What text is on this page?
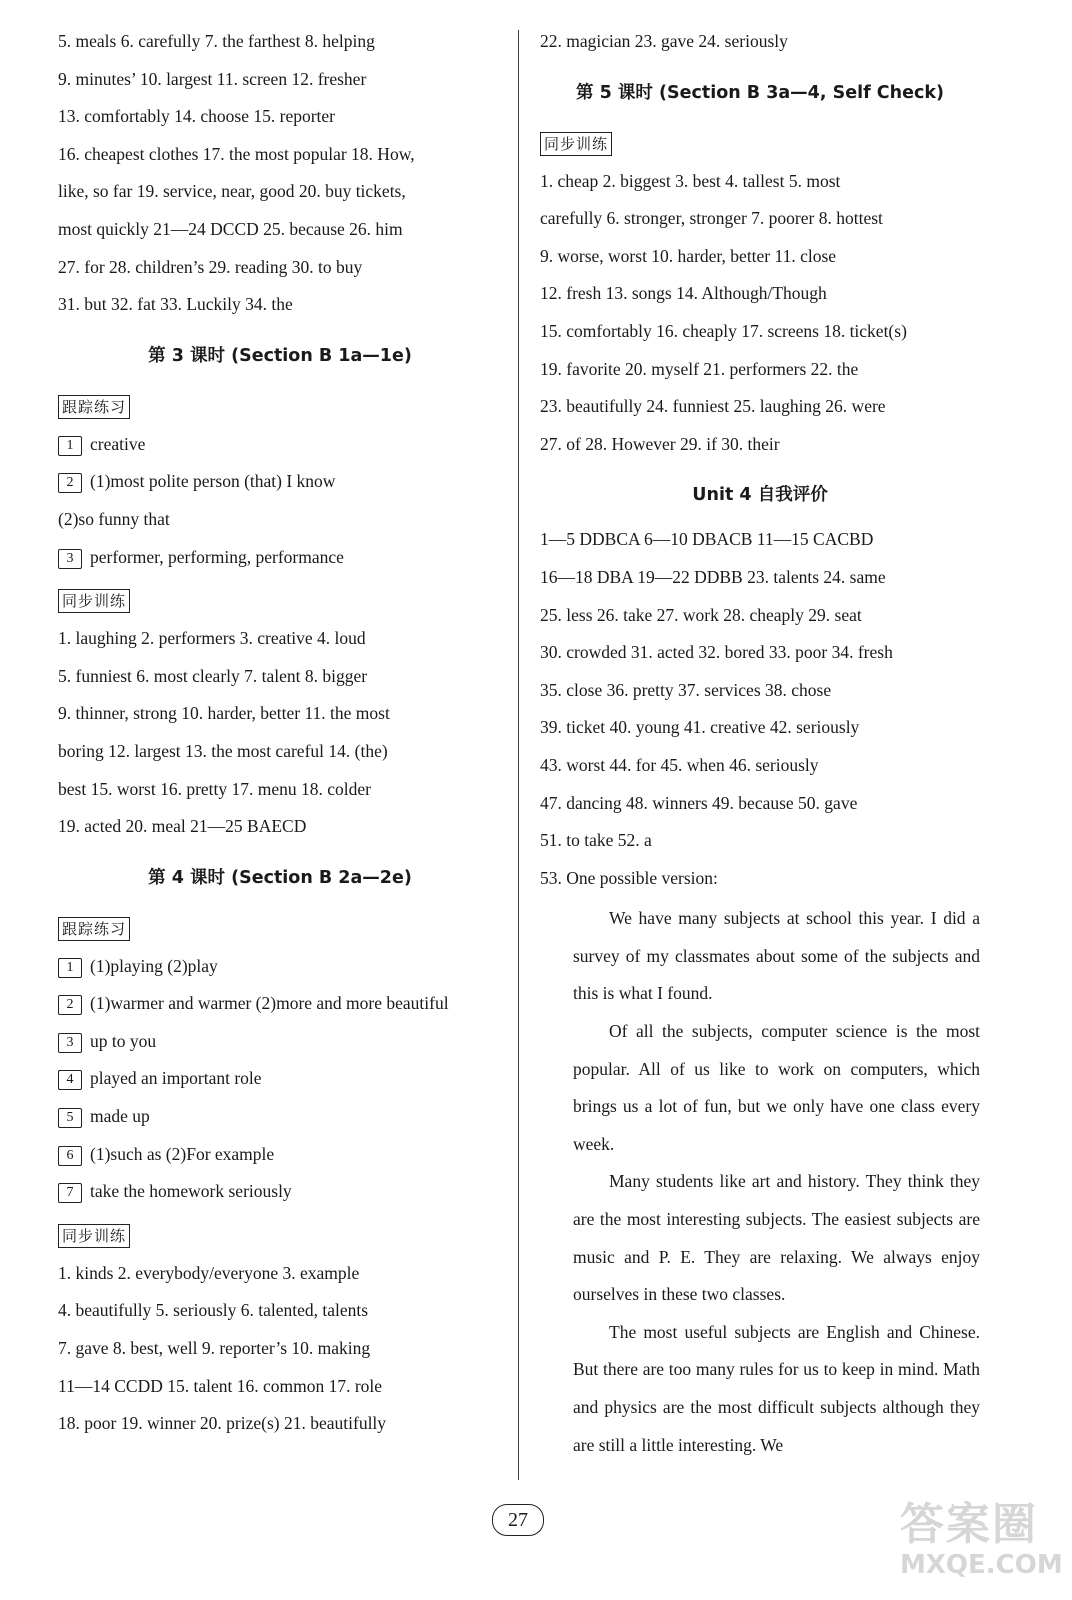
5. meals 6. carefully 7. the farthest 8. helping
9. minutes’ 10. largest 11. screen 12. fresher
13. comfortably 14. choose 15. reporter
16. cheapest clothes 17. the most popular 18. How,
like, so far 19. service, near, good 20. buy tickets,
most quickly 21—24 DCCD 25. because 26. him
27. for 28. children’s 29. reading 30. to buy
31. but 32. fat 33. Luckily 34. the
第 3 课时 (Section B 1a—1e)
跟踪练习
1 creative
2 (1)most polite person (that) I know
(2)so funny that
3 performer, performing, performance
同步训练
1. laughing 2. performers 3. creative 4. loud
5. funniest 6. most clearly 7. talent 8. bigger
9. thinner, strong 10. harder, better 11. the most
boring 12. largest 13. the most careful 14. (the)
best 15. worst 16. pretty 17. menu 18. colder
19. acted 20. meal 21—25 BAECD
第 4 课时 (Section B 2a—2e)
跟踪练习
1 (1)playing (2)play
2 (1)warmer and warmer (2)more and more beautiful
3 up to you
4 played an important role
5 made up
6 (1)such as (2)For example
7 take the homework seriously
同步训练
1. kinds 2. everybody/everyone 3. example
4. beautifully 5. seriously 6. talented, talents
7. gave 8. best, well 9. reporter’s 10. making
11—14 CCDD 15. talent 16. common 17. role
18. poor 19. winner 20. prize(s) 21. beautifully
22. magician 23. gave 24. seriously
第 5 课时 (Section B 3a—4, Self Check)
同步训练
1. cheap 2. biggest 3. best 4. tallest 5. most
carefully 6. stronger, stronger 7. poorer 8. hottest
9. worse, worst 10. harder, better 11. close
12. fresh 13. songs 14. Although/Though
15. comfortably 16. cheaply 17. screens 18. ticket(s)
19. favorite 20. myself 21. performers 22. the
23. beautifully 24. funniest 25. laughing 26. were
27. of 28. However 29. if 30. their
Unit 4 自我评价
1—5 DDBCA 6—10 DBACB 11—15 CACBD
16—18 DBA 19—22 DDBB 23. talents 24. same
25. less 26. take 27. work 28. cheaply 29. seat
30. crowded 31. acted 32. bored 33. poor 34. fresh
35. close 36. pretty 37. services 38. chose
39. ticket 40. young 41. creative 42. seriously
43. worst 44. for 45. when 46. seriously
47. dancing 48. winners 49. because 50. gave
51. to take 52. a
53. One possible version:

We have many subjects at school this year. I did a survey of my classmates about some of the subjects and this is what I found.

Of all the subjects, computer science is the most popular. All of us like to work on computers, which brings us a lot of fun, but we only have one class every week.

Many students like art and history. They think they are the most interesting subjects. The easiest subjects are music and P. E. They are relaxing. We always enjoy ourselves in these two classes.

The most useful subjects are English and Chinese. But there are too many rules for us to keep in mind. Math and physics are the most difficult subjects although they are still a little interesting. We

27	答案圈
MXQE.COM
